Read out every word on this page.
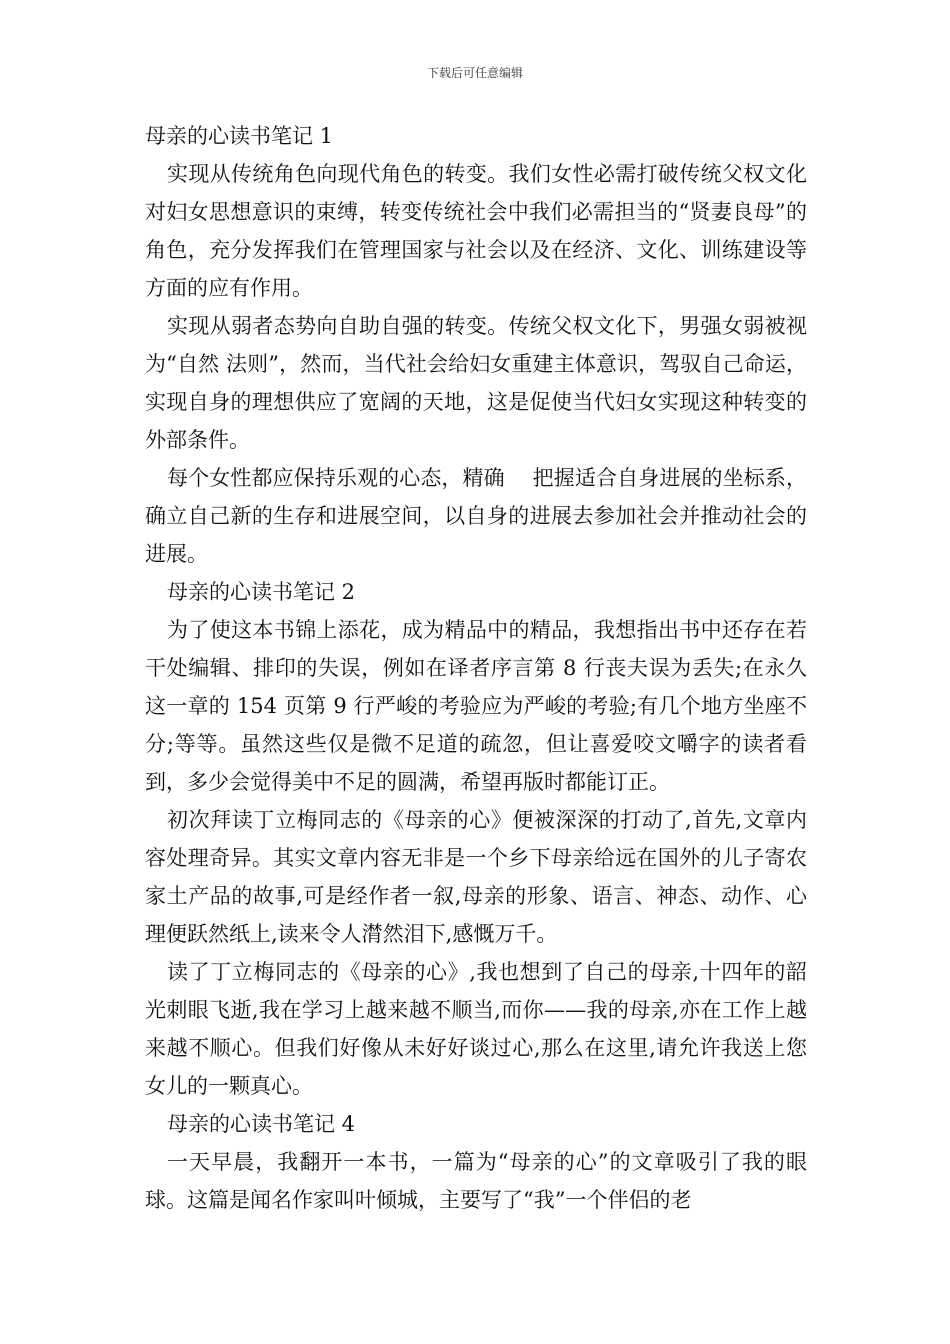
下载后可任意编辑

母亲的心读书笔记 1

实现从传统角色向现代角色的转变。我们女性必需打破传统父权文化对妇女思想意识的束缚，转变传统社会中我们必需担当的“贤妻良母”的角色，充分发挥我们在管理国家与社会以及在经济、文化、训练建设等方面的应有作用。

实现从弱者态势向自助自强的转变。传统父权文化下，男强女弱被视为“自然 法则”，然而，当代社会给妇女重建主体意识，驾驭自己命运，实现自身的理想供应了宽阔的天地，这是促使当代妇女实现这种转变的外部条件。

每个女性都应保持乐观的心态，精确　 把握适合自身进展的坐标系，确立自己新的生存和进展空间，以自身的进展去参加社会并推动社会的进展。

母亲的心读书笔记 2

为了使这本书锦上添花，成为精品中的精品，我想指出书中还存在若干处编辑、排印的失误，例如在译者序言第 8 行丧夫误为丢失;在永久这一章的 154 页第 9 行严峻的考验应为严峻的考验;有几个地方坐座不分;等等。虽然这些仅是微不足道的疏忽，但让喜爱咬文嚼字的读者看到，多少会觉得美中不足的圆满，希望再版时都能订正。

初次拜读丁立梅同志的《母亲的心》便被深深的打动了,首先,文章内容处理奇异。其实文章内容无非是一个乡下母亲给远在国外的儿子寄农家土产品的故事,可是经作者一叙,母亲的形象、语言、神态、动作、心理便跃然纸上,读来令人潸然泪下,感慨万千。

读了丁立梅同志的《母亲的心》,我也想到了自己的母亲,十四年的韶光刺眼飞逝,我在学习上越来越不顺当,而你——我的母亲,亦在工作上越来越不顺心。但我们好像从未好好谈过心,那么在这里,请允许我送上您女儿的一颗真心。

母亲的心读书笔记 4

一天早晨，我翻开一本书，一篇为“母亲的心”的文章吸引了我的眼球。这篇是闻名作家叫叶倾城，主要写了“我”一个伴侣的老
